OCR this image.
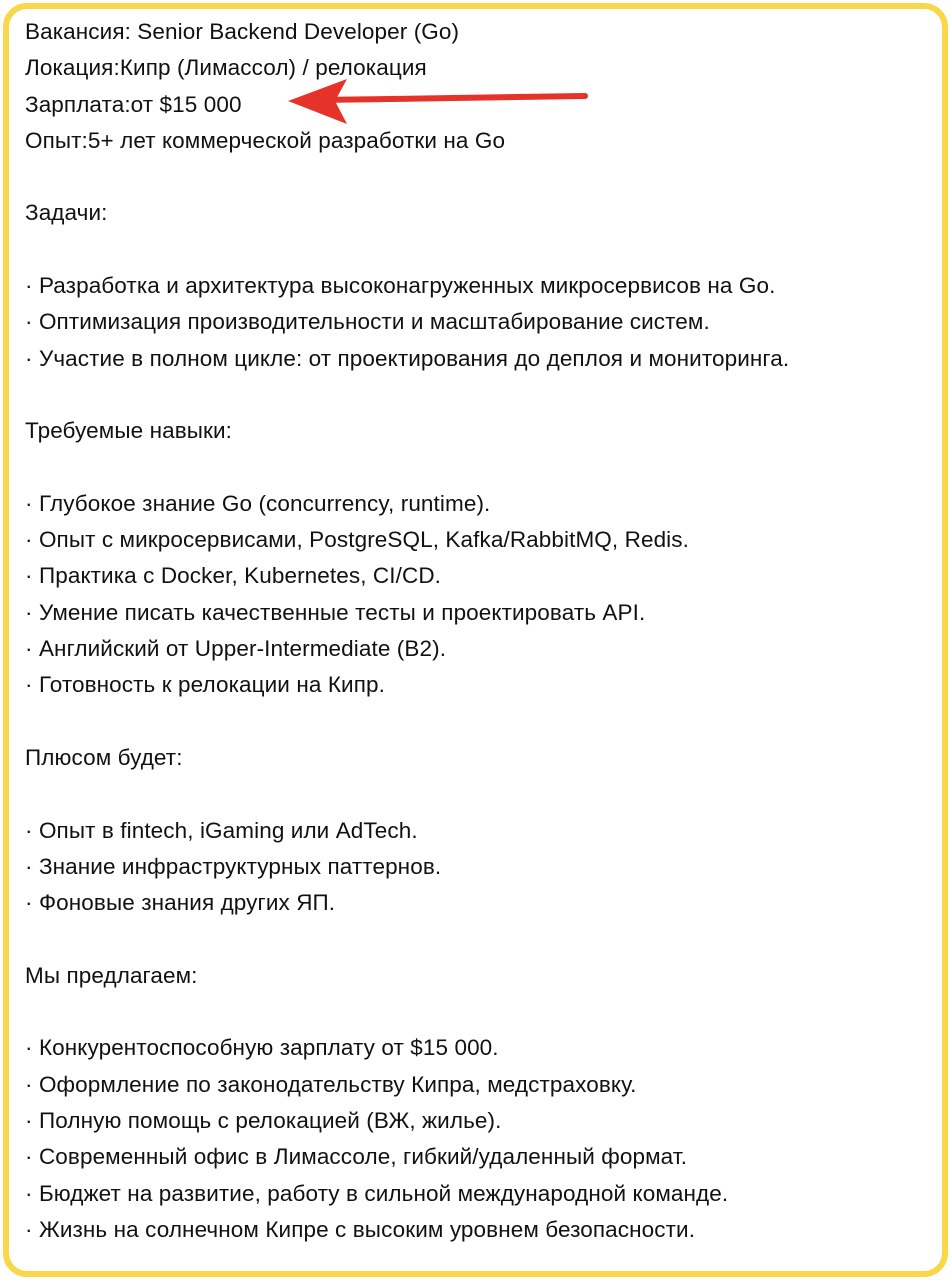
Вакансия: Senior Backend Developer (Go)
Локация:Кипр (Лимассол) / релокация
Зарплата:от $15 000
Опыт:5+ лет коммерческой разработки на Go
Задачи:
· Разработка и архитектура высоконагруженных микросервисов на Go.
· Оптимизация производительности и масштабирование систем.
· Участие в полном цикле: от проектирования до деплоя и мониторинга.
Требуемые навыки:
· Глубокое знание Go (concurrency, runtime).
· Опыт с микросервисами, PostgreSQL, Kafka/RabbitMQ, Redis.
· Практика с Docker, Kubernetes, CI/CD.
· Умение писать качественные тесты и проектировать API.
· Английский от Upper-Intermediate (B2).
· Готовность к релокации на Кипр.
Плюсом будет:
· Опыт в fintech, iGaming или AdTech.
· Знание инфраструктурных паттернов.
· Фоновые знания других ЯП.
Мы предлагаем:
· Конкурентоспособную зарплату от $15 000.
· Оформление по законодательству Кипра, медстраховку.
· Полную помощь с релокацией (ВЖ, жилье).
· Современный офис в Лимассоле, гибкий/удаленный формат.
· Бюджет на развитие, работу в сильной международной команде.
· Жизнь на солнечном Кипре с высоким уровнем безопасности.
